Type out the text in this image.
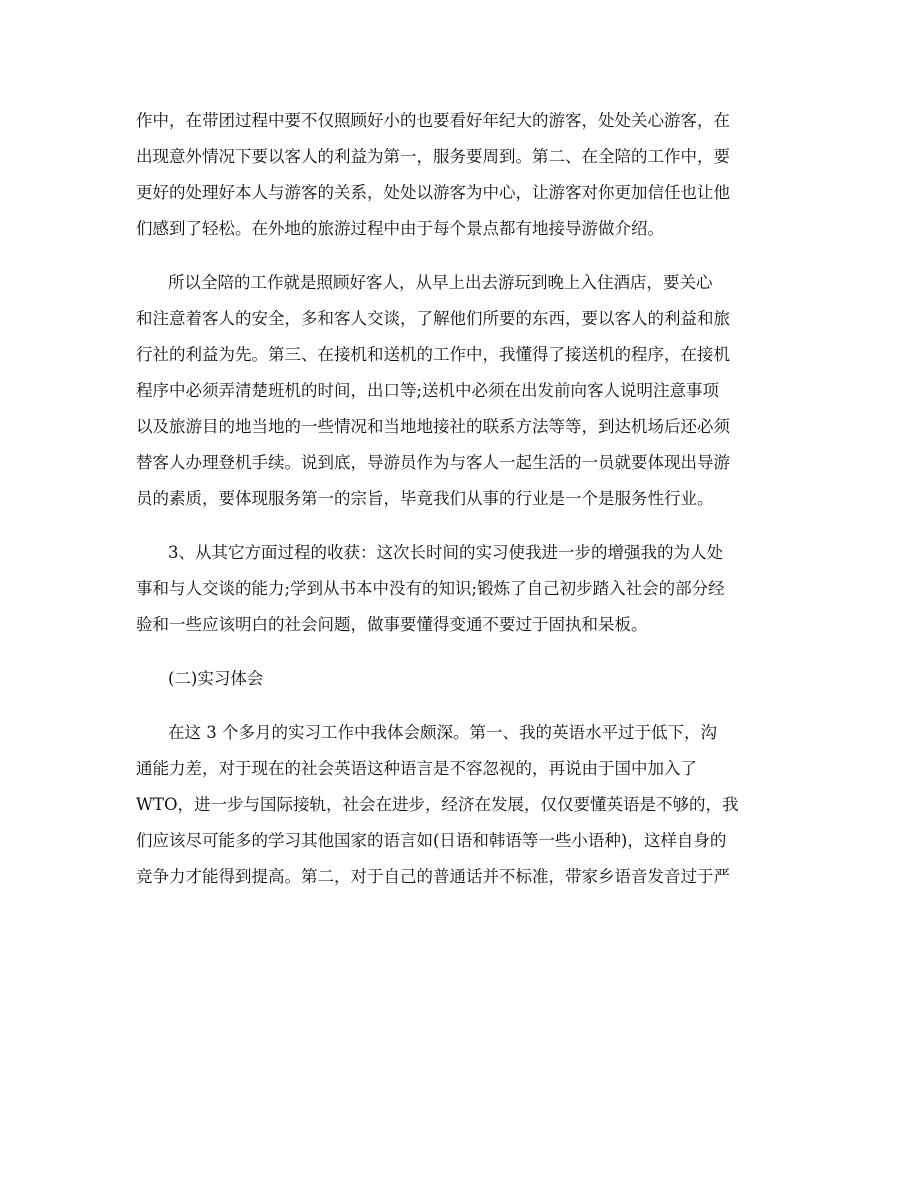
作中，在带团过程中要不仅照顾好小的也要看好年纪大的游客，处处关心游客，在
出现意外情况下要以客人的利益为第一，服务要周到。第二、在全陪的工作中，要
更好的处理好本人与游客的关系，处处以游客为中心，让游客对你更加信任也让他
们感到了轻松。在外地的旅游过程中由于每个景点都有地接导游做介绍。
所以全陪的工作就是照顾好客人，从早上出去游玩到晚上入住酒店，要关心
和注意着客人的安全，多和客人交谈，了解他们所要的东西，要以客人的利益和旅
行社的利益为先。第三、在接机和送机的工作中，我懂得了接送机的程序，在接机
程序中必须弄清楚班机的时间，出口等;送机中必须在出发前向客人说明注意事项
以及旅游目的地当地的一些情况和当地地接社的联系方法等等，到达机场后还必须
替客人办理登机手续。说到底，导游员作为与客人一起生活的一员就要体现出导游
员的素质，要体现服务第一的宗旨，毕竟我们从事的行业是一个是服务性行业。
3、从其它方面过程的收获：这次长时间的实习使我进一步的增强我的为人处
事和与人交谈的能力;学到从书本中没有的知识;锻炼了自己初步踏入社会的部分经
验和一些应该明白的社会问题，做事要懂得变通不要过于固执和呆板。
(二)实习体会
在这 3 个多月的实习工作中我体会颇深。第一、我的英语水平过于低下，沟
通能力差，对于现在的社会英语这种语言是不容忽视的，再说由于国中加入了
WTO，进一步与国际接轨，社会在进步，经济在发展，仅仅要懂英语是不够的，我
们应该尽可能多的学习其他国家的语言如(日语和韩语等一些小语种)，这样自身的
竞争力才能得到提高。第二，对于自己的普通话并不标准，带家乡语音发音过于严
